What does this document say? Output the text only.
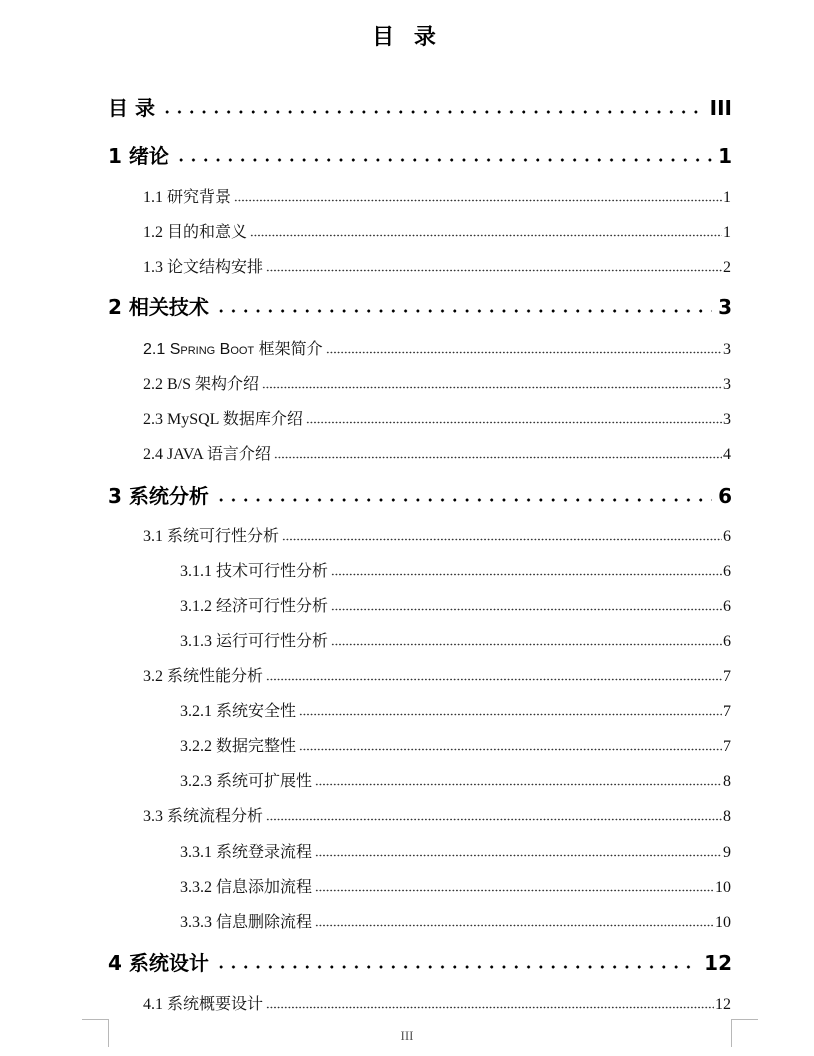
目 录
目 录	III
1 绪论	1
1.1 研究背景	1
1.2 目的和意义	1
1.3 论文结构安排	2
2 相关技术	3
2.1 Spring Boot 框架简介	3
2.2 B/S 架构介绍	3
2.3 MySQL 数据库介绍	3
2.4 JAVA 语言介绍	4
3 系统分析	6
3.1 系统可行性分析	6
3.1.1 技术可行性分析	6
3.1.2 经济可行性分析	6
3.1.3 运行可行性分析	6
3.2 系统性能分析	7
3.2.1 系统安全性	7
3.2.2 数据完整性	7
3.2.3 系统可扩展性	8
3.3 系统流程分析	8
3.3.1 系统登录流程	9
3.3.2 信息添加流程	10
3.3.3 信息删除流程	10
4 系统设计	12
4.1 系统概要设计	12
III
